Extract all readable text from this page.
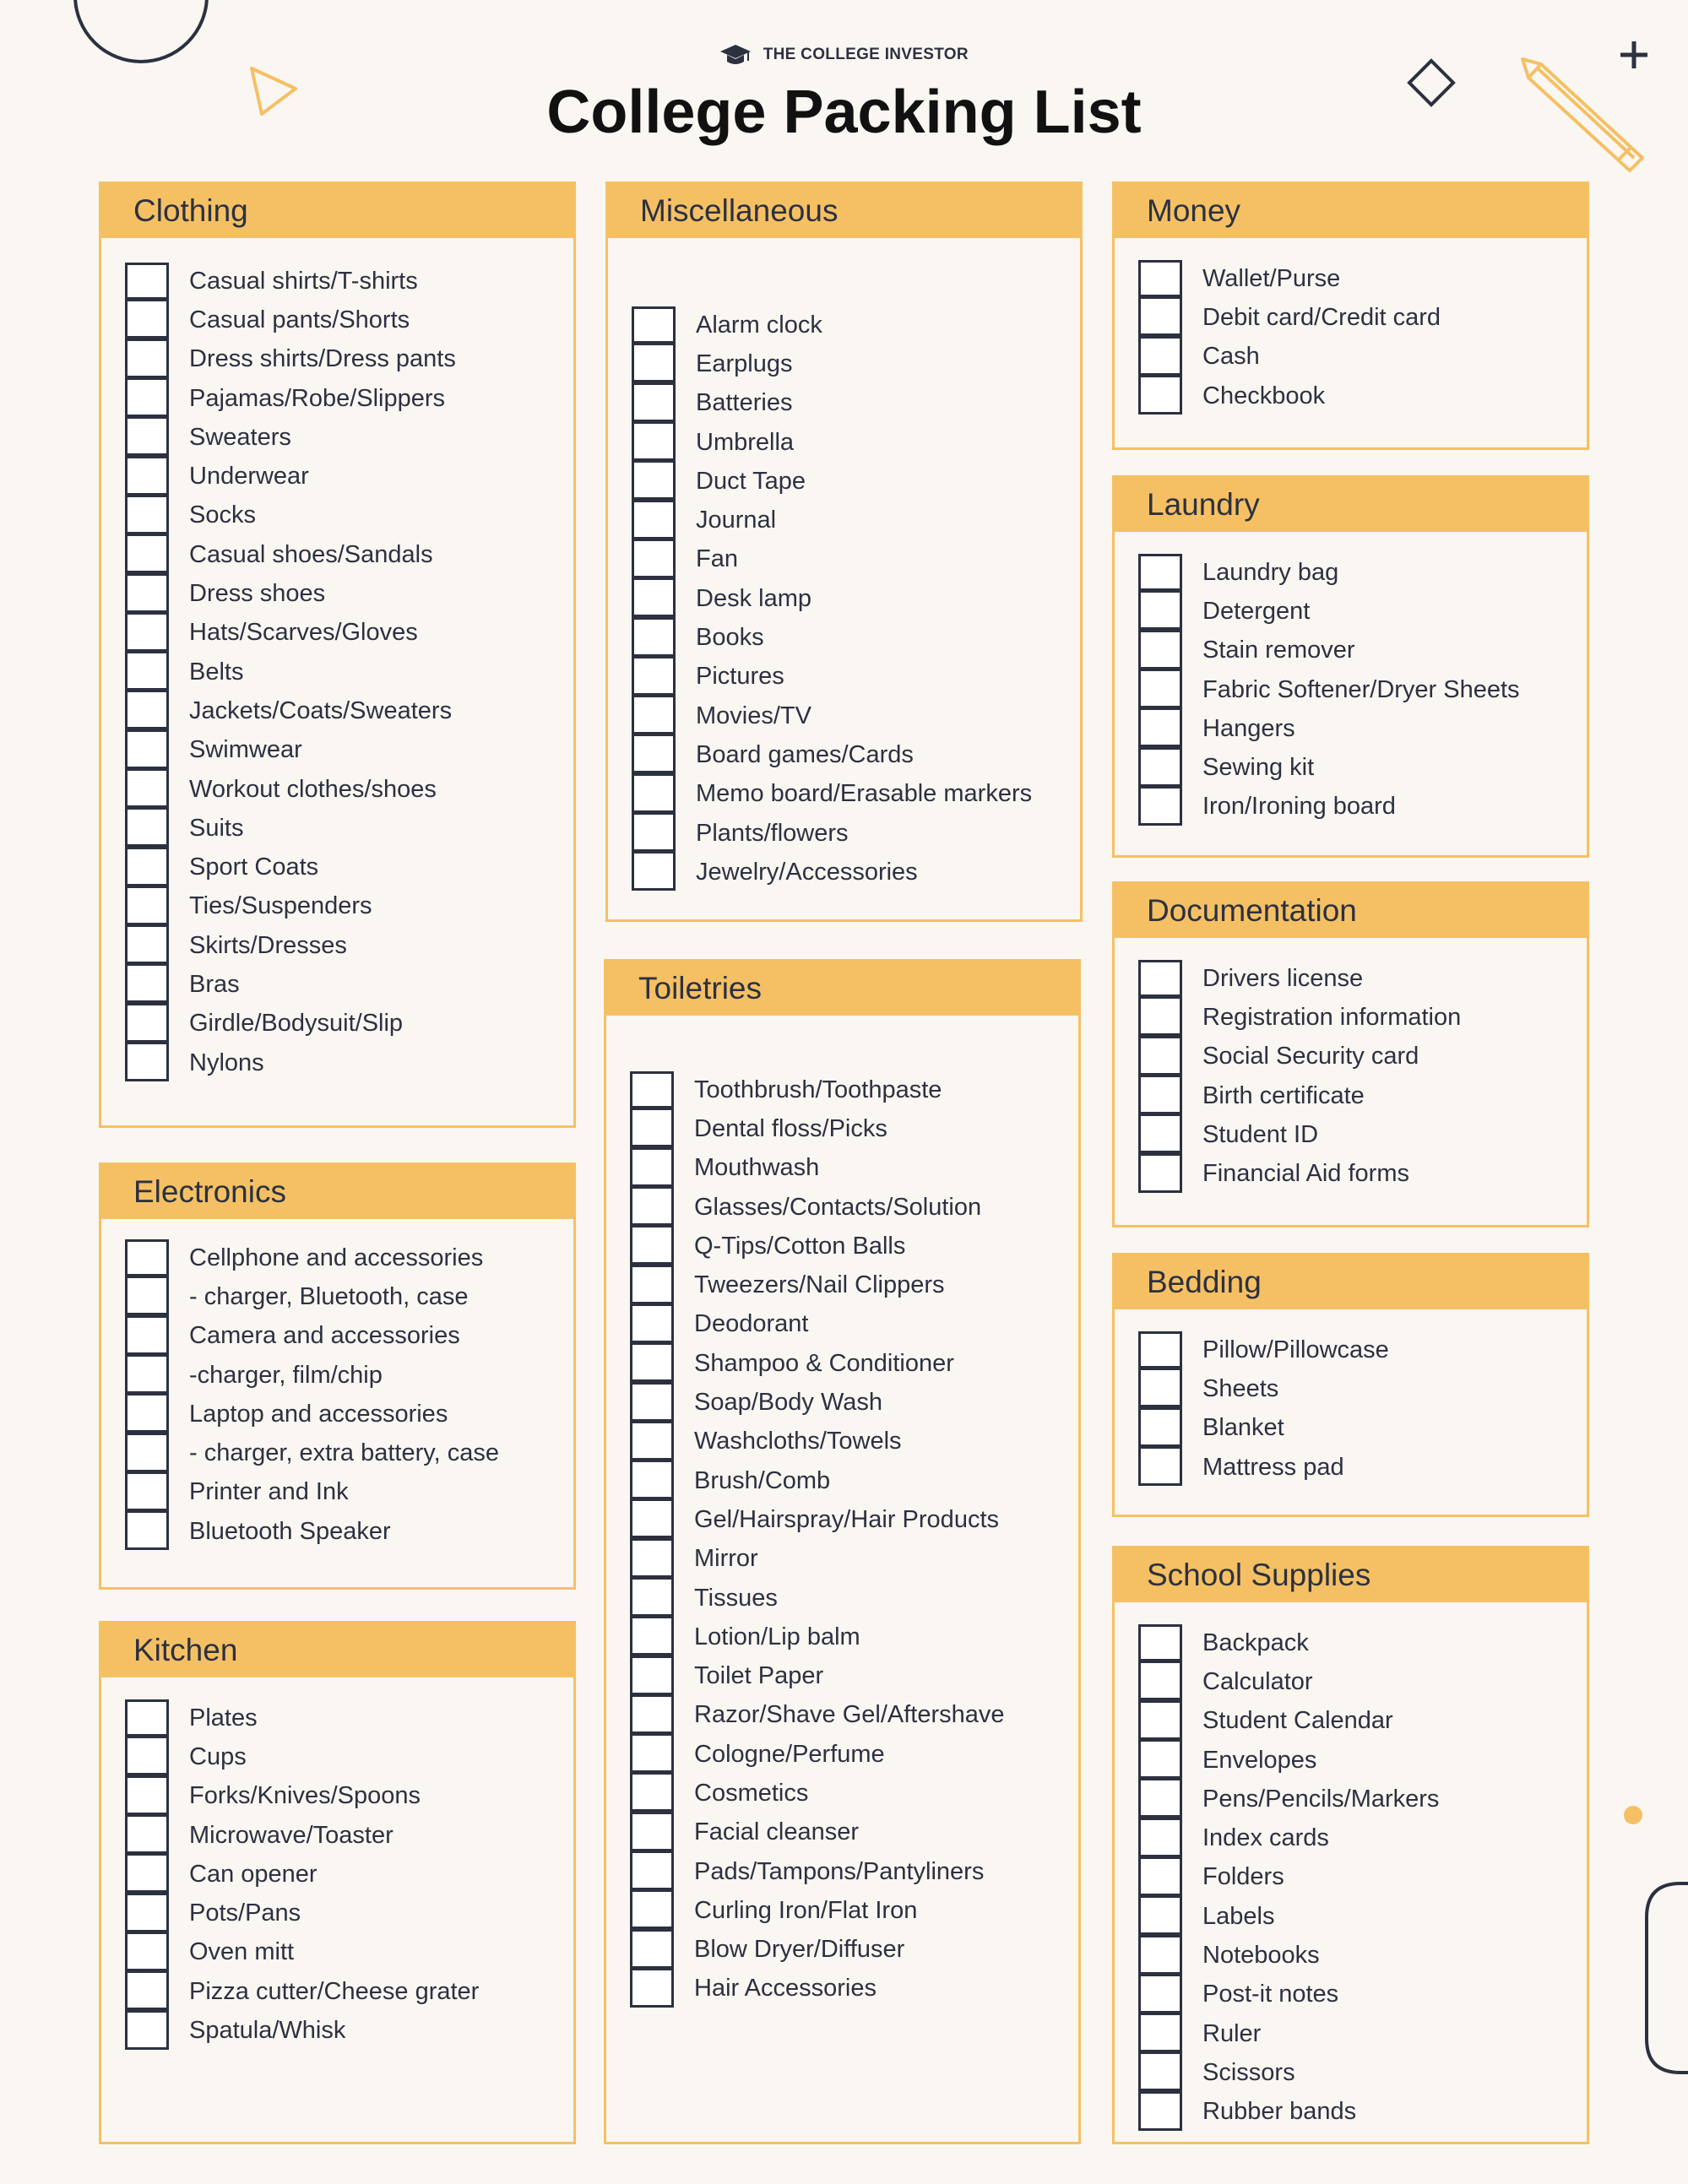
THE COLLEGE INVESTOR
College Packing List
Clothing
Casual shirts/T-shirts
Casual pants/Shorts
Dress shirts/Dress pants
Pajamas/Robe/Slippers
Sweaters
Underwear
Socks
Casual shoes/Sandals
Dress shoes
Hats/Scarves/Gloves
Belts
Jackets/Coats/Sweaters
Swimwear
Workout clothes/shoes
Suits
Sport Coats
Ties/Suspenders
Skirts/Dresses
Bras
Girdle/Bodysuit/Slip
Nylons
Electronics
Cellphone and accessories
- charger, Bluetooth, case
Camera and accessories
-charger, film/chip
Laptop and accessories
- charger, extra battery, case
Printer and Ink
Bluetooth Speaker
Kitchen
Plates
Cups
Forks/Knives/Spoons
Microwave/Toaster
Can opener
Pots/Pans
Oven mitt
Pizza cutter/Cheese grater
Spatula/Whisk
Miscellaneous
Alarm clock
Earplugs
Batteries
Umbrella
Duct Tape
Journal
Fan
Desk lamp
Books
Pictures
Movies/TV
Board games/Cards
Memo board/Erasable markers
Plants/flowers
Jewelry/Accessories
Toiletries
Toothbrush/Toothpaste
Dental floss/Picks
Mouthwash
Glasses/Contacts/Solution
Q-Tips/Cotton Balls
Tweezers/Nail Clippers
Deodorant
Shampoo & Conditioner
Soap/Body Wash
Washcloths/Towels
Brush/Comb
Gel/Hairspray/Hair Products
Mirror
Tissues
Lotion/Lip balm
Toilet Paper
Razor/Shave Gel/Aftershave
Cologne/Perfume
Cosmetics
Facial cleanser
Pads/Tampons/Pantyliners
Curling Iron/Flat Iron
Blow Dryer/Diffuser
Hair Accessories
Money
Wallet/Purse
Debit card/Credit card
Cash
Checkbook
Laundry
Laundry bag
Detergent
Stain remover
Fabric Softener/Dryer Sheets
Hangers
Sewing kit
Iron/Ironing board
Documentation
Drivers license
Registration information
Social Security card
Birth certificate
Student ID
Financial Aid forms
Bedding
Pillow/Pillowcase
Sheets
Blanket
Mattress pad
School Supplies
Backpack
Calculator
Student Calendar
Envelopes
Pens/Pencils/Markers
Index cards
Folders
Labels
Notebooks
Post-it notes
Ruler
Scissors
Rubber bands
